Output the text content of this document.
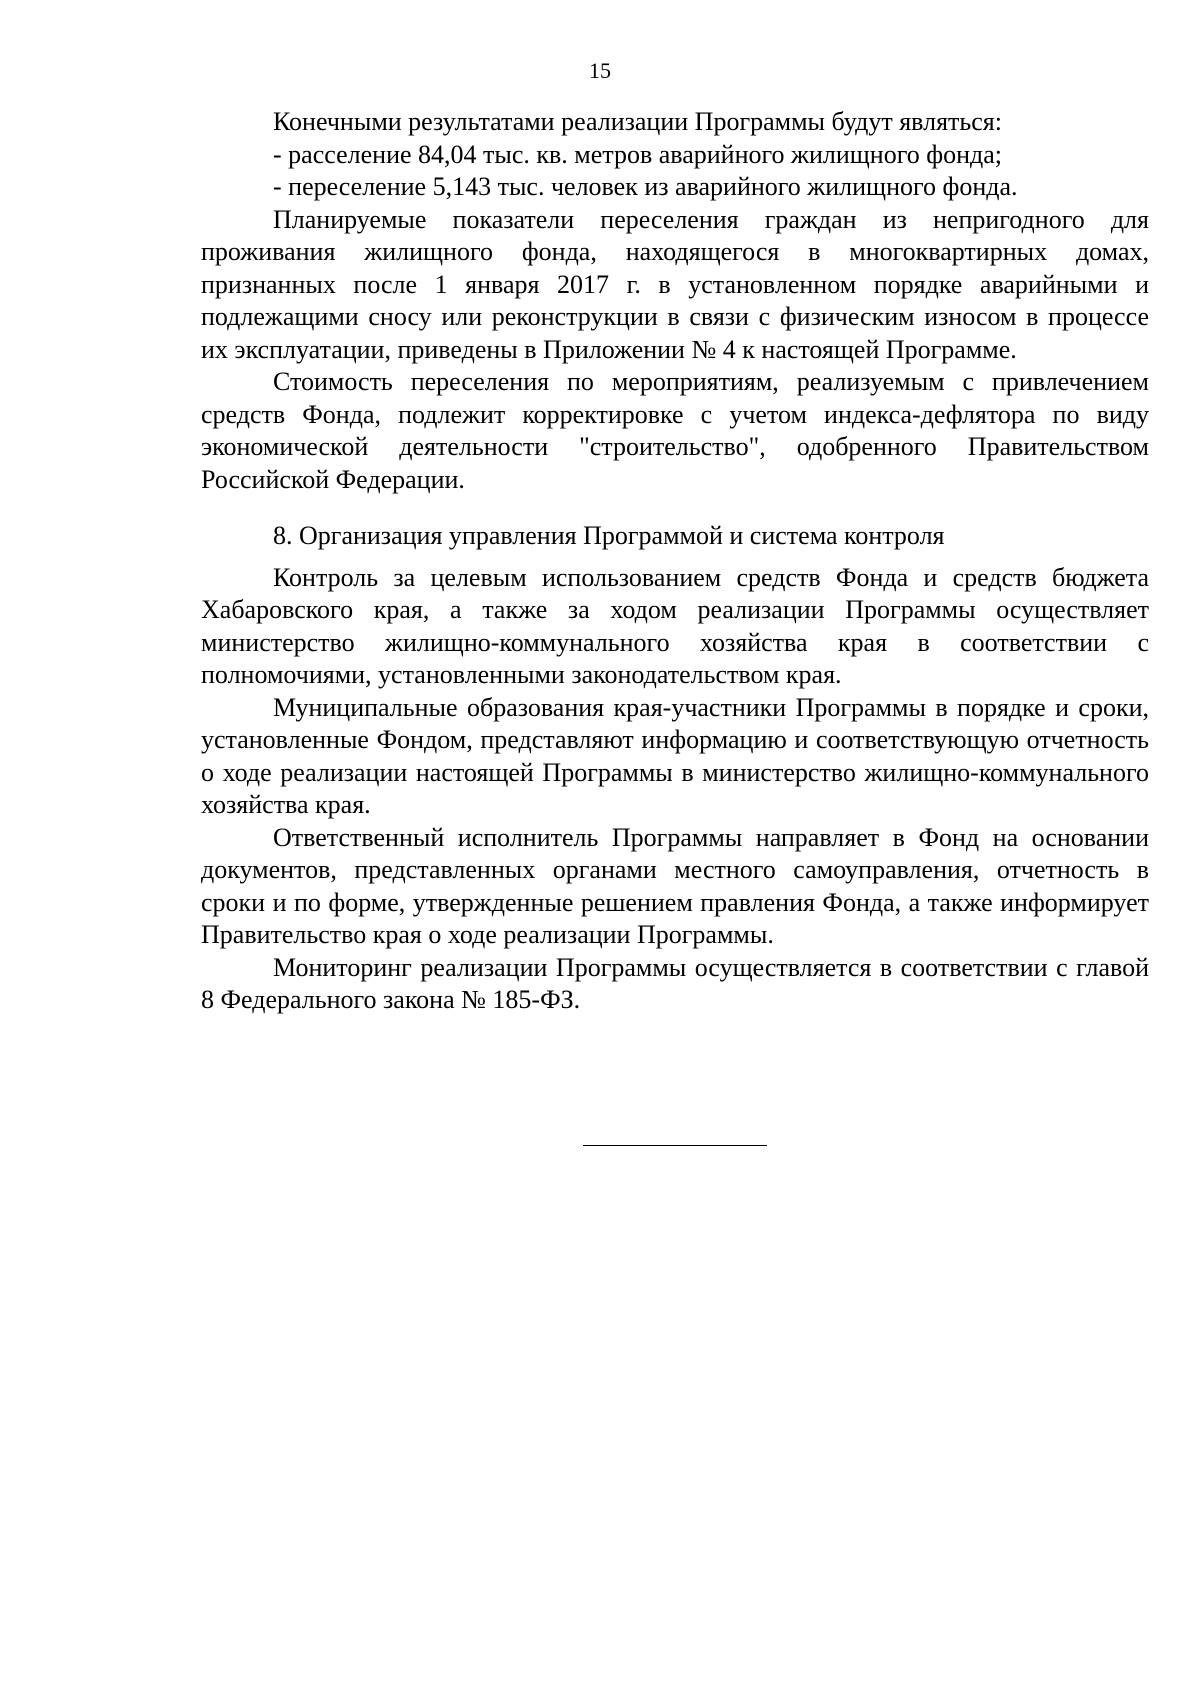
15

Конечными результатами реализации Программы будут являться:

- расселение 84,04 тыс. кв. метров аварийного жилищного фонда;

- переселение 5,143 тыс. человек из аварийного жилищного фонда.

Планируемые показатели переселения граждан из непригодного для проживания жилищного фонда, находящегося в многоквартирных домах, признанных после 1 января 2017 г. в установленном порядке аварийными и подлежащими сносу или реконструкции в связи с физическим износом в процессе их эксплуатации, приведены в Приложении № 4 к настоящей Программе.

Стоимость переселения по мероприятиям, реализуемым с привлечением средств Фонда, подлежит корректировке с учетом индекса-дефлятора по виду экономической деятельности "строительство", одобренного Правительством Российской Федерации.

8. Организация управления Программой и система контроля

Контроль за целевым использованием средств Фонда и средств бюджета Хабаровского края, а также за ходом реализации Программы осуществляет министерство жилищно-коммунального хозяйства края в соответствии с полномочиями, установленными законодательством края.

Муниципальные образования края-участники Программы в порядке и сроки, установленные Фондом, представляют информацию и соответствующую отчетность о ходе реализации настоящей Программы в министерство жилищно-коммунального хозяйства края.

Ответственный исполнитель Программы направляет в Фонд на основании документов, представленных органами местного самоуправления, отчетность в сроки и по форме, утвержденные решением правления Фонда, а также информирует Правительство края о ходе реализации Программы.

Мониторинг реализации Программы осуществляется в соответствии с главой 8 Федерального закона № 185-ФЗ.
